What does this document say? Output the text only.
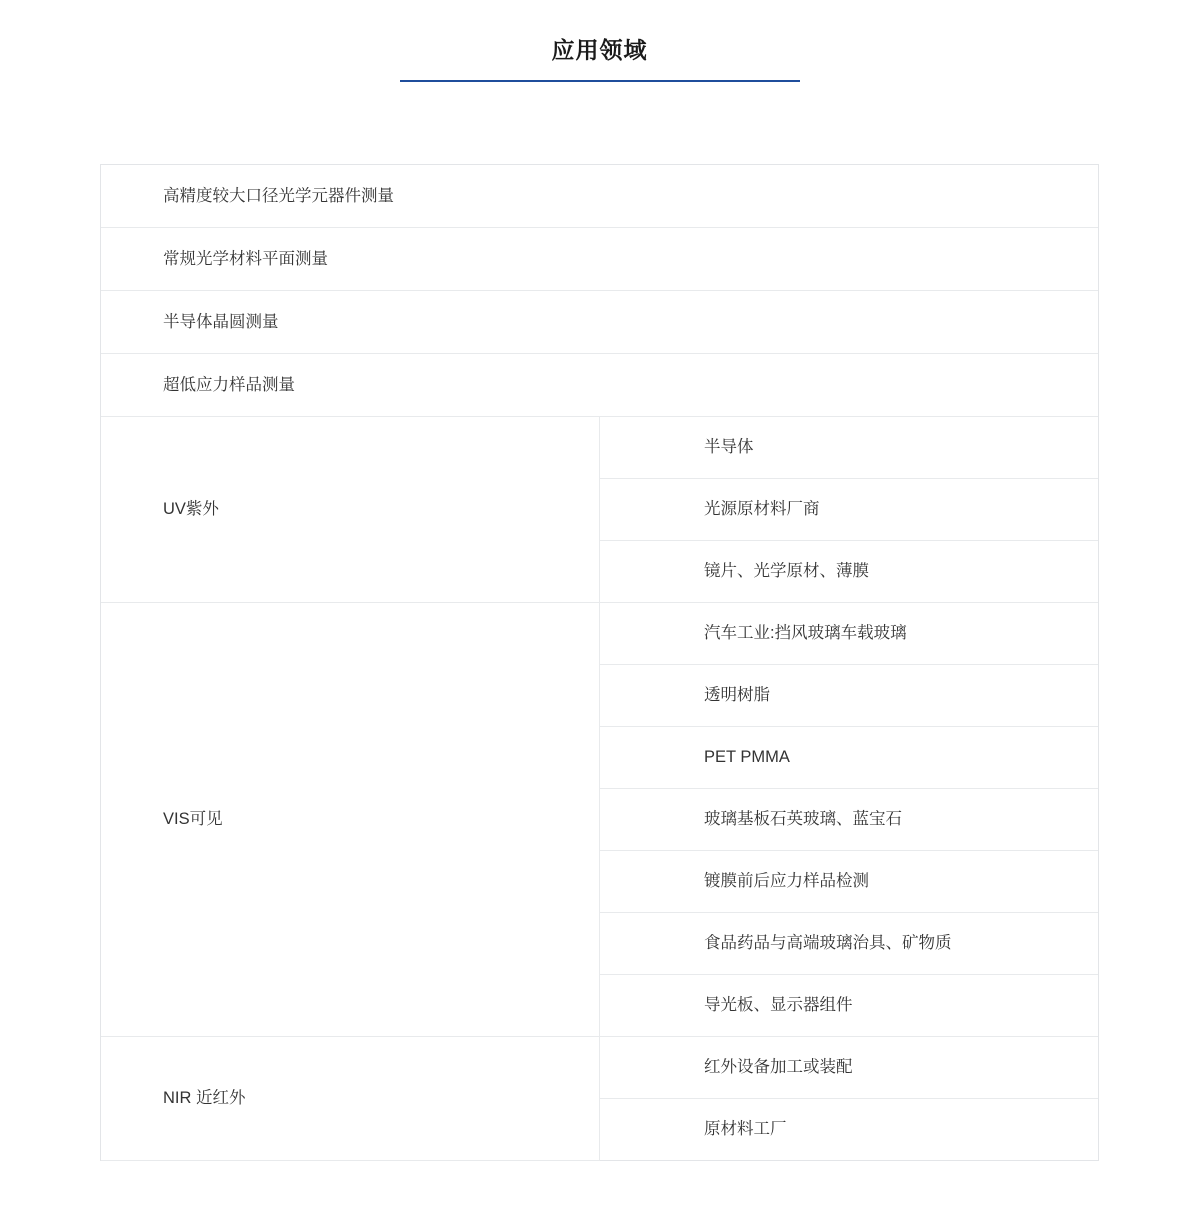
应用领域
高精度较大口径光学元器件测量	

常规光学材料平面测量	

半导体晶圆测量	

超低应力样品测量	

UV紫外	半导体

	光源原材料厂商

	镜片、光学原材、薄膜

VIS可见	汽车工业:挡风玻璃车载玻璃

	透明树脂

	PET PMMA

	玻璃基板石英玻璃、蓝宝石

	镀膜前后应力样品检测

	食品药品与高端玻璃治具、矿物质

	导光板、显示器组件

NIR 近红外	红外设备加工或装配

	原材料工厂
